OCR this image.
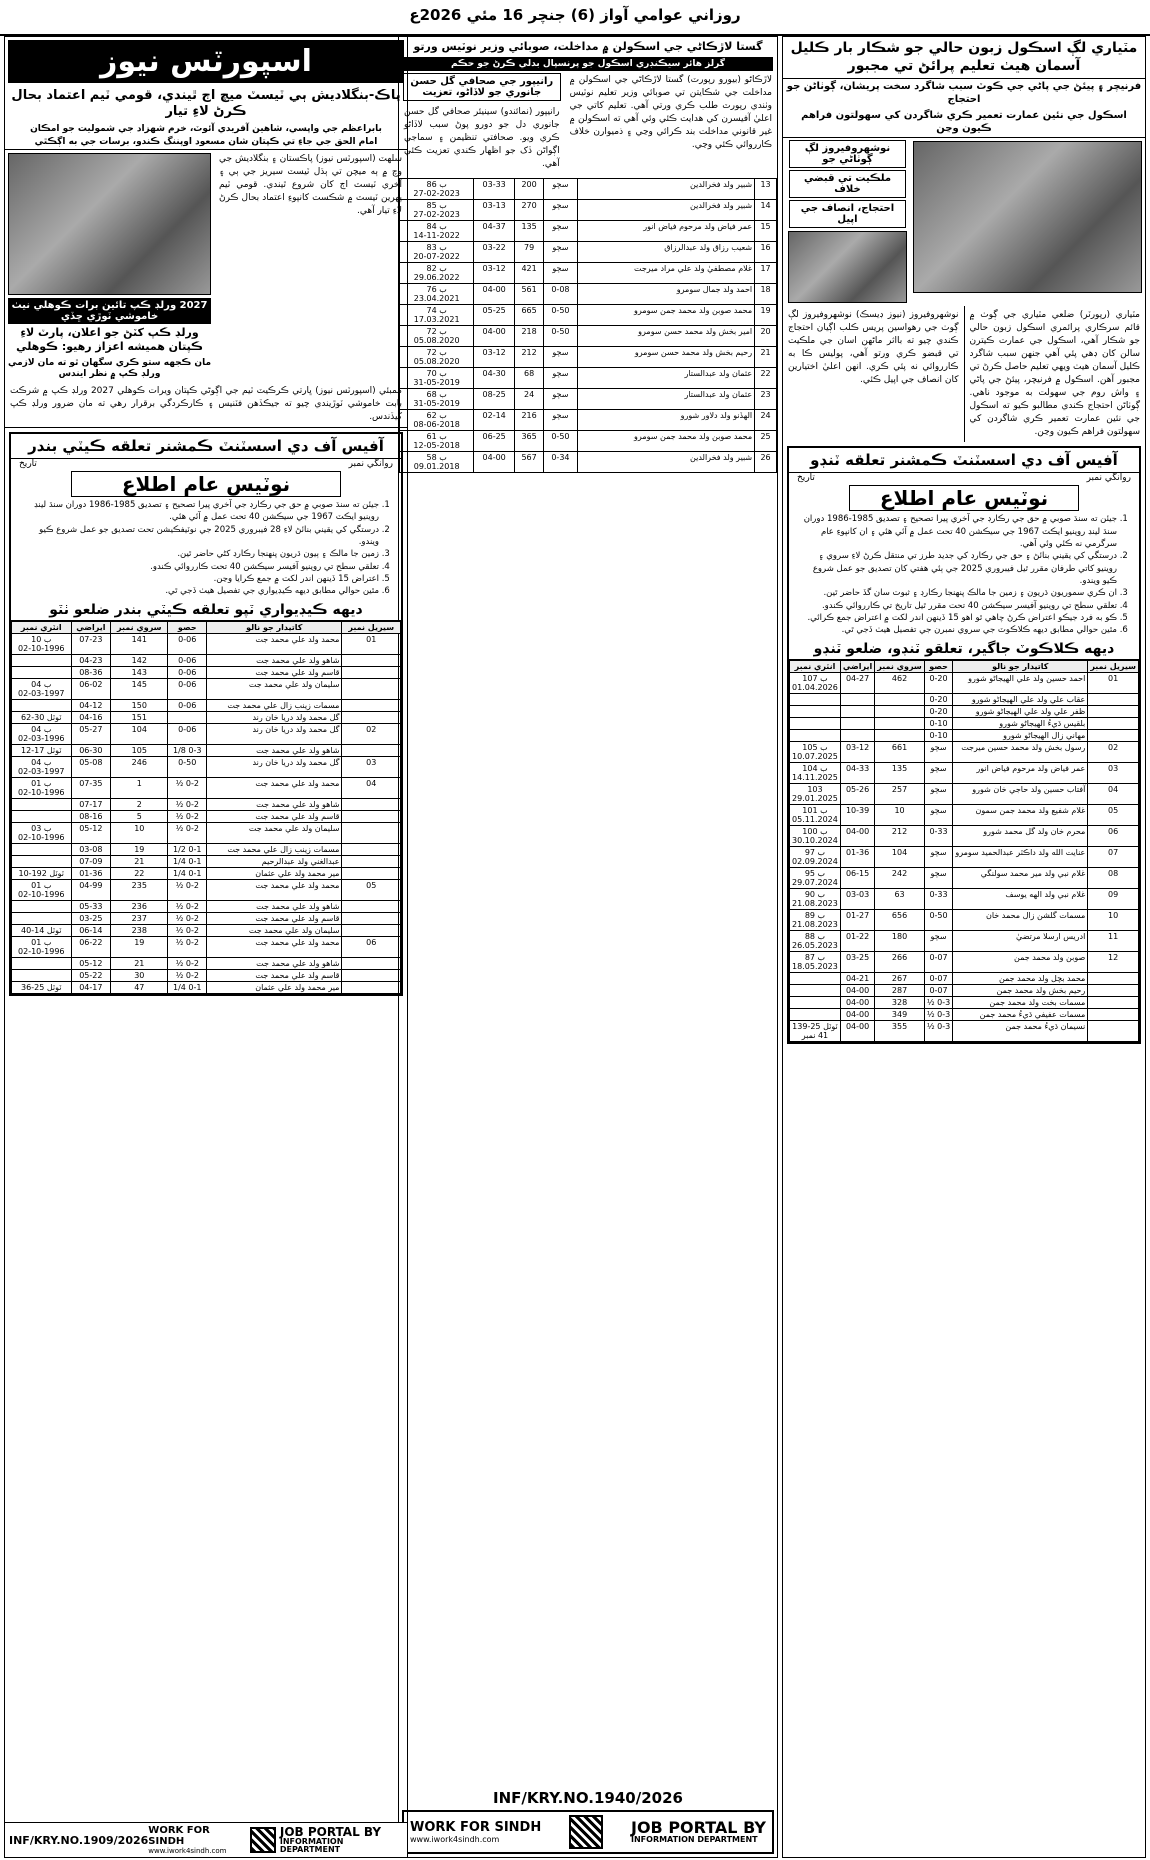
روزاني عوامي آواز (6) جنچر 16 مئي 2026ع
مٽياري لڳ اسڪول زبون حالي جو شڪار بار ڪليل آسمان هيٺ تعليم پرائڻ تي مجبور
فرنيچر ۽ پيئڻ جي پاڻي جي ڪوٽ سبب شاگرد سخت پريشان، ڳوٺاڻن جو احتجاج
اسڪول جي نئين عمارت تعمير ڪري شاگردن کي سهولتون فراهم ڪيون وڃن
نوشهروفيروز لڳ ڳوٺاڻي جو
ملڪيت تي قبضي خلاف
احتجاج، انصاف جي اپيل
مٽياري (رپورٽر) ضلعي مٽياري جي ڳوٺ ۾ قائم سرڪاري پرائمري اسڪول زبون حالي جو شڪار آهي، اسڪول جي عمارت ڪيترن سالن کان ڊهي پئي آهي جنهن سبب شاگرد ڪليل آسمان هيٺ ويهي تعليم حاصل ڪرڻ تي مجبور آهن. اسڪول ۾ فرنيچر، پيئڻ جي پاڻي ۽ واش روم جي سهولت به موجود ناهي. ڳوٺاڻن احتجاج ڪندي مطالبو ڪيو ته اسڪول جي نئين عمارت تعمير ڪري شاگردن کي سهولتون فراهم ڪيون وڃن.
نوشهروفيروز (نيوز ڊيسڪ) نوشهروفيروز لڳ ڳوٺ جي رهواسين پريس ڪلب اڳيان احتجاج ڪندي چيو ته بااثر ماڻهن اسان جي ملڪيت تي قبضو ڪري ورتو آهي، پوليس ڪا به ڪارروائي نه پئي ڪري. انهن اعليٰ اختيارين کان انصاف جي اپيل ڪئي.
آفيس آف دي اسسٽنٽ ڪمشنر تعلقه ٽنڊو
روانگي نمبر
تاريخ
نوٽيس عام اطلاع
1. جيئن ته سنڌ صوبي ۾ حق جي رڪارڊ جي آخري پيرا تصحيح ۽ تصديق 1985-1986 دوران سنڌ لينڊ روينيو ايڪٽ 1967 جي سيڪشن 40 تحت عمل ۾ آئي هئي ۽ ان کانپوءِ عام سرگرمي نه ڪئي وئي آهي.
2. درستگي کي يقيني بنائڻ ۽ حق جي رڪارڊ کي جديد طرز تي منتقل ڪرڻ لاءِ سروي ۽ روينيو کاتي طرفان مقرر ٿيل فيبروري 2025 جي ٻئي هفتي کان تصديق جو عمل شروع ڪيو ويندو.
3. ان ڪري سموريون ڌريون ۽ زمين جا مالڪ پنهنجا رڪارڊ ۽ ثبوت سان گڏ حاضر ٿين.
4. تعلقي سطح تي روينيو آفيسر سيڪشن 40 تحت مقرر ٿيل تاريخ تي ڪارروائي ڪندو.
5. ڪو به فرد جيڪو اعتراض ڪرڻ چاهي ٿو اهو 15 ڏينهن اندر لکت ۾ اعتراض جمع ڪرائي.
6. مٿين حوالي مطابق ديهه ڪلاڪوٽ جي سروي نمبرن جي تفصيل هيٺ ڏجي ٿي.
ديهه ڪلاڪوٽ جاگير، تعلقو ٽنڊو، ضلعو ٽنڊو
سيريل نمبر	کاتيدار جو نالو	حصو	سروي نمبر	ايراضي	انٽري نمبر
01	احمد حسين ولد علي الهيجاڻو شورو	0-20	462	04-27	ب 107
01.04.2026
	عقاب علي ولد علي الهيجاڻو شورو	0-20			
	ظفر علي ولد علي الهيجاڻو شورو	0-20			
	بلقيس ڌيءُ الهيجاڻو شورو	0-10			
	مهاني زال الهيجاڻو شورو	0-10			
02	رسول بخش ولد محمد حسين ميرجت	سڄو	661	03-12	ب 105
10.07.2025
03	عمر فياض ولد مرحوم فياض انور	سڄو	135	04-33	ب 104
14.11.2025
04	آفتاب حسين ولد حاجي خان شورو	سڄو	257	05-26	103
29.01.2025
05	غلام شفيع ولد محمد جمن سمون	سڄو	10	10-39	ب 101
05.11.2024
06	محرم خان ولد گل محمد شورو	0-33	212	04-00	ب 100
30.10.2024
07	عنايت الله ولد داڪٽر عبدالحميد سومرو	سڄو	104	01-36	ب 97
02.09.2024
08	غلام نبي ولد مير محمد سولنگي	سڄو	242	06-15	ب 95
29.07.2024
09	غلام نبي ولد الهه يوسف	0-33	63	03-03	ب 90
21.08.2023
10	مسمات گلشن زال محمد خان	0-50	656	01-27	ب 89
21.08.2023
11	ادريس ارسلا مرتضيٰ	سڄو	180	01-22	ب 88
26.05.2023
12	صوبن ولد محمد جمن	0-07	266	03-25	ب 87
18.05.2023
	محمد بچل ولد محمد جمن	0-07	267	04-21	
	رحيم بخش ولد محمد جمن	0-07	287	04-00	
	مسمات بخت ولد محمد جمن	0-3 ½	328	04-00	
	مسمات عفيفي ڌيءُ محمد جمن	0-3 ½	349	04-00	
	نسيمان ڌيءُ محمد جمن	0-3 ½	355	04-00	ٽوٽل 25-139
41 نمبر
گستا لاڙڪاڻي جي اسڪولن ۾ مداخلت، صوبائي وزير نوٽيس ورتو
گرلز هائر سيڪنڊري اسڪول جو پرنسپال بدلي ڪرڻ جو حڪم
لاڙڪاڻو (بيورو رپورٽ) گستا لاڙڪاڻي جي اسڪولن ۾ مداخلت جي شڪايتن تي صوبائي وزير تعليم نوٽيس وٺندي رپورٽ طلب ڪري ورتي آهي. تعليم کاتي جي اعليٰ آفيسرن کي هدايت ڪئي وئي آهي ته اسڪولن ۾ غير قانوني مداخلت بند ڪرائي وڃي ۽ ذميوارن خلاف ڪارروائي ڪئي وڃي.
رانيپور جي صحافي گل حسن جانوري جو لاڏاڻو، تعزيت
رانيپور (نمائندو) سينيئر صحافي گل حسن جانوري دل جو دورو پوڻ سبب لاڏاڻو ڪري ويو. صحافتي تنظيمن ۽ سماجي اڳواڻن ڏک جو اظهار ڪندي تعزيت ڪئي آهي.
13	شبير ولد فخرالدين	سڄو	200	03-33	ب 86
27-02-2023
14	شبير ولد فخرالدين	سڄو	270	03-13	ب 85
27-02-2023
15	عمر فياض ولد مرحوم فياض انور	سڄو	135	04-37	ب 84
14-11-2022
16	شعيب رزاق ولد عبدالرزاق	سڄو	79	03-22	ب 83
20-07-2022
17	غلام مصطفيٰ ولد علي مراد ميرجت	سڄو	421	03-12	ب 82
29.06.2022
18	احمد ولد جمال سومرو	0-08	561	04-00	ب 76
23.04.2021
19	محمد صوبن ولد محمد جمن سومرو	0-50	665	05-25	ب 74
17.03.2021
20	امير بخش ولد محمد حسن سومرو	0-50	218	04-00	ب 72
05.08.2020
21	رحيم بخش ولد محمد حسن سومرو	سڄو	212	03-12	ب 72
05.08.2020
22	عثمان ولد عبدالستار	سڄو	68	04-30	ب 70
31-05-2019
23	عثمان ولد عبدالستار	سڄو	24	08-25	ب 68
31-05-2019
24	الهڏنو ولد دلاور شورو	سڄو	216	02-14	ب 62
08-06-2018
25	محمد صوبن ولد محمد جمن سومرو	0-50	365	06-25	ب 61
12-05-2018
26	شبير ولد فخرالدين	0-34	567	04-00	ب 58
09.01.2018
INF/KRY.NO.1940/2026
WORK FOR SINDH
www.iwork4sindh.com
JOB PORTAL BY
INFORMATION DEPARTMENT
اسپورٽس نيوز
پاڪ-بنگلاديش ٻي ٽيسٽ ميچ اڄ ٿيندي، قومي ٽيم اعتماد بحال ڪرڻ لاءِ تيار
بابراعظم جي واپسي، شاهين آفريدي آئوٽ، خرم شهزاد جي شموليت جو امڪان
امام الحق جي جاءِ تي ڪپتان شان مسعود اوپننگ ڪندو، برسات جي به اڳڪٿي
سلهٽ (اسپورٽس نيوز) پاڪستان ۽ بنگلاديش جي وچ ۾ ٻه ميچن تي ٻڌل ٽيسٽ سيريز جي ٻي ۽ آخري ٽيسٽ اڄ کان شروع ٿيندي. قومي ٽيم پهرين ٽيسٽ ۾ شڪست کانپوءِ اعتماد بحال ڪرڻ لاءِ تيار آهي.
2027 ورلڊ ڪپ تائين برات ڪوهلي نيٺ خاموشي ٽوڙي ڇڏي
ورلڊ ڪپ کٽڻ جو اعلان، پارٽ لاءِ ڪپتان هميشه اعزاز رهيو: ڪوهلي
مان ڪجهه ستو ڪري سگهان ٿو ته مان لازمي ورلڊ ڪپ ۾ نظر ايندس
ممبئي (اسپورٽس نيوز) ڀارتي ڪرڪيٽ ٽيم جي اڳوڻي ڪپتان ويرات ڪوهلي 2027 ورلڊ ڪپ ۾ شرڪت بابت خاموشي ٽوڙيندي چيو ته جيڪڏهن فٽنيس ۽ ڪارڪردگي برقرار رهي ته مان ضرور ورلڊ ڪپ کيڏندس.
آفيس آف دي اسسٽنٽ ڪمشنر تعلقه ڪيٽي بندر
روانگي نمبر
تاريخ
نوٽيس عام اطلاع
1. جيئن ته سنڌ صوبي ۾ حق جي رڪارڊ جي آخري پيرا تصحيح ۽ تصديق 1985-1986 دوران سنڌ لينڊ روينيو ايڪٽ 1967 جي سيڪشن 40 تحت عمل ۾ آئي هئي.
2. درستگي کي يقيني بنائڻ لاءِ 28 فيبروري 2025 جي نوٽيفڪيشن تحت تصديق جو عمل شروع ڪيو ويندو.
3. زمين جا مالڪ ۽ ٻيون ڌريون پنهنجا رڪارڊ کڻي حاضر ٿين.
4. تعلقي سطح تي روينيو آفيسر سيڪشن 40 تحت ڪارروائي ڪندو.
5. اعتراض 15 ڏينهن اندر لکت ۾ جمع ڪرايا وڃن.
6. مٿين حوالي مطابق ديهه ڪيڊيواري جي تفصيل هيٺ ڏجي ٿي.
ديهه ڪيڊيواري ٽپو تعلقه ڪيٽي بندر ضلعو ٺٽو
سيريل نمبر	کاتيدار جو نالو	حصو	سروي نمبر	ايراضي	انٽري نمبر
01	محمد ولد علي محمد جت	0-06	141	07-23	ب 10
02-10-1996
	شاهو ولد علي محمد جت	0-06	142	04-23	
	قاسم ولد علي محمد جت	0-06	143	08-36	
	سليمان ولد علي محمد جت	0-06	145	06-02	ب 04
02-03-1997
	مسمات زينب زال علي محمد جت	0-06	150	04-12	
	گل محمد ولد دريا خان رند		151	04-16	ٽوٽل 30-62
02	گل محمد ولد دريا خان رند	0-06	104	05-27	ب 04
02-03-1996
	شاهو ولد علي محمد جت	0-3 1/8	105	06-30	ٽوٽل 17-12
03	گل محمد ولد دريا خان رند	0-50	246	05-08	ب 04
02-03-1997
04	محمد ولد علي محمد جت	0-2 ½	1	07-35	ب 01
02-10-1996
	شاهو ولد علي محمد جت	0-2 ½	2	07-17	
	قاسم ولد علي محمد جت	0-2 ½	5	08-16	
	سليمان ولد علي محمد جت	0-2 ½	10	05-12	ب 03
02-10-1996
	مسمات زينب زال علي محمد جت	0-1 1/2	19	03-08	
	عبدالغني ولد عبدالرحيم	0-1 1/4	21	07-09	
	مير محمد ولد علي عثمان	0-1 1/4	22	01-36	ٽوٽل 192-10
05	محمد ولد علي محمد جت	0-2 ½	235	04-99	ب 01
02-10-1996
	شاهو ولد علي محمد جت	0-2 ½	236	05-33	
	قاسم ولد علي محمد جت	0-2 ½	237	03-25	
	سليمان ولد علي محمد جت	0-2 ½	238	06-14	ٽوٽل 14-40
06	محمد ولد علي محمد جت	0-2 ½	19	06-22	ب 01
02-10-1996
	شاهو ولد علي محمد جت	0-2 ½	21	05-12	
	قاسم ولد علي محمد جت	0-2 ½	30	05-22	
	مير محمد ولد علي عثمان	0-1 1/4	47	04-17	ٽوٽل 25-36
INF/KRY.NO.1909/2026
WORK FOR SINDH
www.iwork4sindh.com
JOB PORTAL BY
INFORMATION DEPARTMENT
